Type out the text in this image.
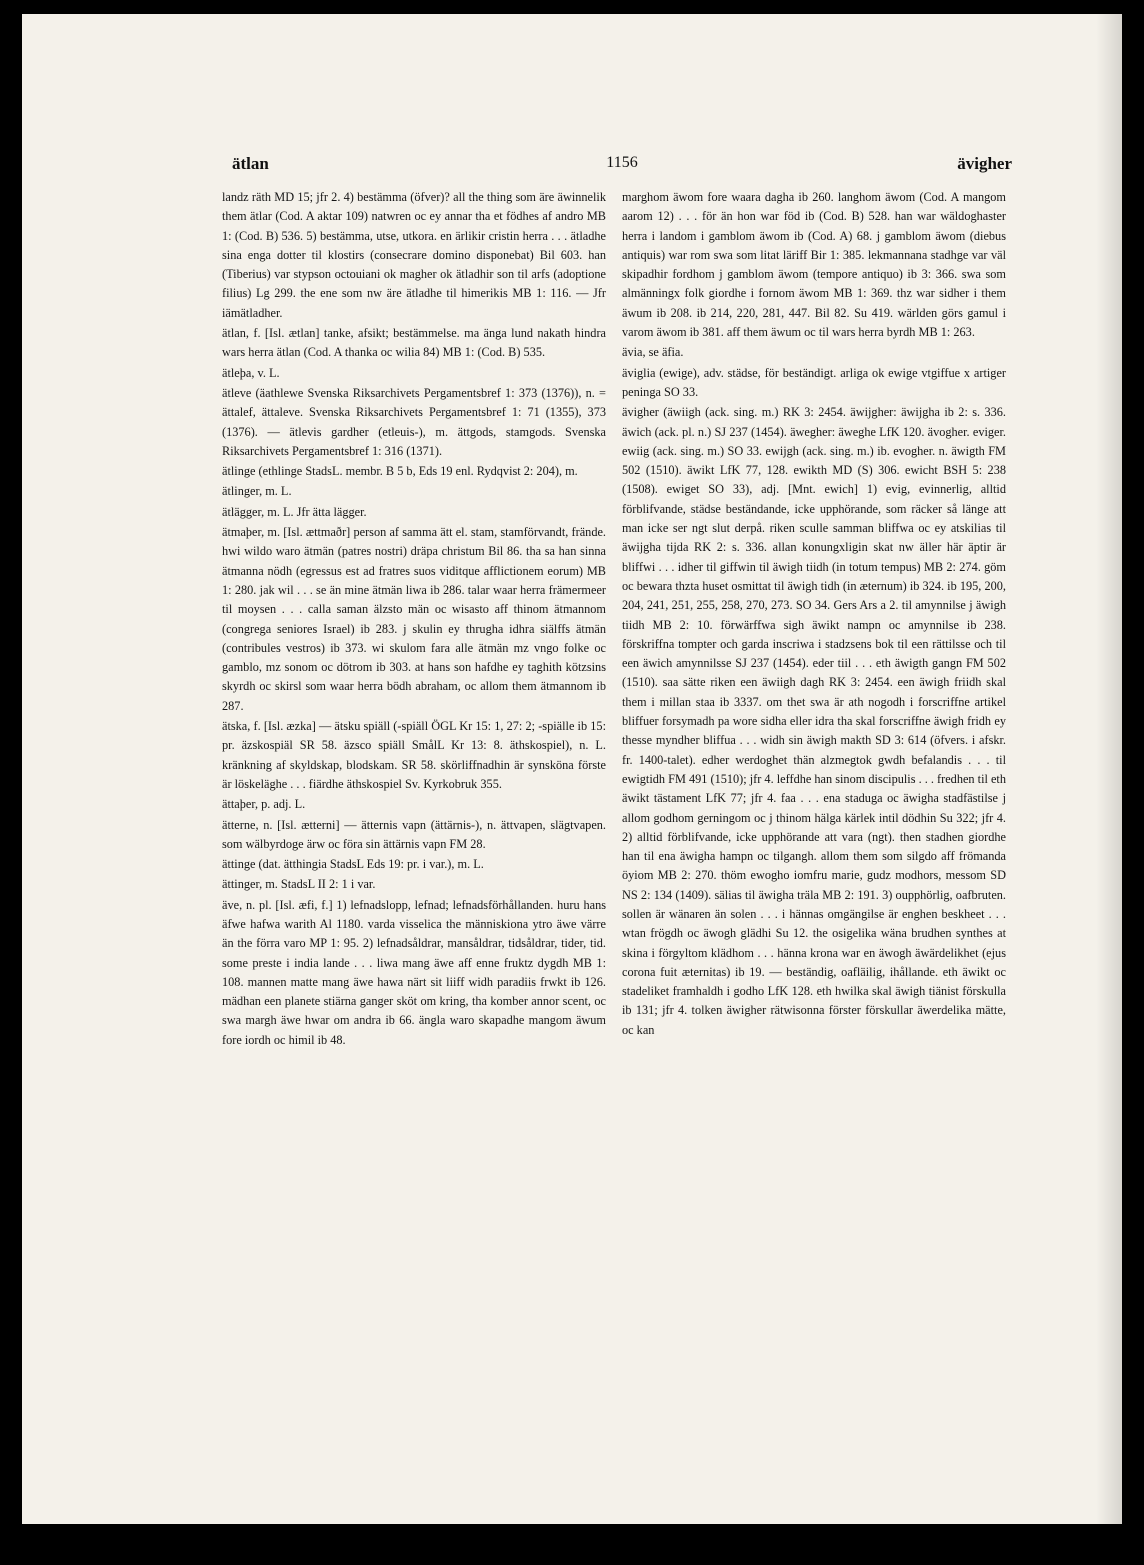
ätlan	1156	ävigher

landz räth MD 15; jfr 2. 4) bestämma (öfver)? all the thing som äre äwinnelik them ätlar (Cod. A aktar 109) natwren oc ey annar tha et födhes af andro MB 1: (Cod. B) 536. 5) bestämma, utse, utkora. en ärlikir cristin herra . . . ätladhe sina enga dotter til klostirs (consecrare domino disponebat) Bil 603. han (Tiberius) var stypson octouiani ok magher ok ätladhir son til arfs (adoptione filius) Lg 299. the ene som nw äre ätladhe til himerikis MB 1: 116. — Jfr iämätladher.

ätlan, f. [Isl. ætlan] tanke, afsikt; bestämmelse. ma änga lund nakath hindra wars herra ätlan (Cod. A thanka oc wilia 84) MB 1: (Cod. B) 535.

ätleþa, v. L.

ätleve (äathlewe Svenska Riksarchivets Pergamentsbref 1: 373 (1376)), n. = ättalef, ättaleve. Svenska Riksarchivets Pergamentsbref 1: 71 (1355), 373 (1376). — ätlevis gardher (etleuis-), m. ättgods, stamgods. Svenska Riksarchivets Pergamentsbref 1: 316 (1371).

ätlinge (ethlinge StadsL. membr. B 5 b, Eds 19 enl. Rydqvist 2: 204), m.

ätlinger, m. L.

ätlägger, m. L. Jfr ätta lägger.

ätmaþer, m. [Isl. ættmaðr] person af samma ätt el. stam, stamförvandt, frände. hwi wildo waro ätmän (patres nostri) dräpa christum Bil 86. tha sa han sinna ätmanna nödh (egressus est ad fratres suos viditque afflictionem eorum) MB 1: 280. jak wil . . . se än mine ätmän liwa ib 286. talar waar herra främermeer til moysen . . . calla saman älzsto män oc wisasto aff thinom ätmannom (congrega seniores Israel) ib 283. j skulin ey thrugha idhra siälffs ätmän (contribules vestros) ib 373. wi skulom fara alle ätmän mz vngo folke oc gamblo, mz sonom oc dötrom ib 303. at hans son hafdhe ey taghith kötzsins skyrdh oc skirsl som waar herra bödh abraham, oc allom them ätmannom ib 287.

ätska, f. [Isl. æzka] — ätsku spiäll (-spiäll ÖGL Kr 15: 1, 27: 2; -spiälle ib 15: pr. äzskospiäl SR 58. äzsco spiäll SmålL Kr 13: 8. äthskospiel), n. L. kränkning af skyldskap, blodskam. SR 58. skörliffnadhin är synsköna förste är löskeläghe . . . fiärdhe äthskospiel Sv. Kyrkobruk 355.

ättaþer, p. adj. L.

ätterne, n. [Isl. ætterni] — ätternis vapn (ättärnis-), n. ättvapen, slägtvapen. som wälbyrdoge ärw oc föra sin ättärnis vapn FM 28.

ättinge (dat. ätthingia StadsL Eds 19: pr. i var.), m. L.

ättinger, m. StadsL II 2: 1 i var.

äve, n. pl. [Isl. æfi, f.] 1) lefnadslopp, lefnad; lefnadsförhållanden. huru hans äfwe hafwa warith Al 1180. varda visselica the människiona ytro äwe värre än the förra varo MP 1: 95. 2) lefnadsåldrar, mansåldrar, tidsåldrar, tider, tid. some preste i india lande . . . liwa mang äwe aff enne fruktz dygdh MB 1: 108. mannen matte mang äwe hawa närt sit liiff widh paradiis frwkt ib 126. mädhan een planete stiärna ganger sköt om kring, tha komber annor scent, oc swa margh äwe hwar om andra ib 66. ängla waro skapadhe mangom äwum fore iordh oc himil ib 48.

marghom äwom fore waara dagha ib 260. langhom äwom (Cod. A mangom aarom 12) . . . för än hon war föd ib (Cod. B) 528. han war wäldoghaster herra i landom i gamblom äwom ib (Cod. A) 68. j gamblom äwom (diebus antiquis) war rom swa som litat läriff Bir 1: 385. lekmannana stadhge var väl skipadhir fordhom j gamblom äwom (tempore antiquo) ib 3: 366. swa som almänningx folk giordhe i fornom äwom MB 1: 369. thz war sidher i them äwum ib 208. ib 214, 220, 281, 447. Bil 82. Su 419. wärlden görs gamul i varom äwom ib 381. aff them äwum oc til wars herra byrdh MB 1: 263.

ävia, se äfia.

äviglia (ewige), adv. städse, för beständigt. arliga ok ewige vtgiffue x artiger peninga SO 33.

ävigher (äwiigh (ack. sing. m.) RK 3: 2454. äwijgher: äwijgha ib 2: s. 336. äwich (ack. pl. n.) SJ 237 (1454). äwegher: äweghe LfK 120. ävogher. eviger. ewiig (ack. sing. m.) SO 33. ewijgh (ack. sing. m.) ib. evogher. n. äwigth FM 502 (1510). äwikt LfK 77, 128. ewikth MD (S) 306. ewicht BSH 5: 238 (1508). ewiget SO 33), adj. [Mnt. ewich] 1) evig, evinnerlig, alltid förblifvande, städse beständande, icke upphörande, som räcker så länge att man icke ser ngt slut derpå. riken sculle samman bliffwa oc ey atskilias til äwijgha tijda RK 2: s. 336. allan konungxligin skat nw äller här äptir är bliffwi . . . idher til giffwin til äwigh tiidh (in totum tempus) MB 2: 274. göm oc bewara thzta huset osmittat til äwigh tidh (in æternum) ib 324. ib 195, 200, 204, 241, 251, 255, 258, 270, 273. SO 34. Gers Ars a 2. til amynnilse j äwigh tiidh MB 2: 10. förwärffwa sigh äwikt nampn oc amynnilse ib 238. förskriffna tompter och garda inscriwa i stadzsens bok til een rättilsse och til een äwich amynnilsse SJ 237 (1454). eder tiil . . . eth äwigth gangn FM 502 (1510). saa sätte riken een äwiigh dagh RK 3: 2454. een äwigh friidh skal them i millan staa ib 3337. om thet swa är ath nogodh i forscriffne artikel bliffuer forsymadh pa wore sidha eller idra tha skal forscriffne äwigh fridh ey thesse myndher bliffua . . . widh sin äwigh makth SD 3: 614 (öfvers. i afskr. fr. 1400-talet). edher werdoghet thän alzmegtok gwdh befalandis . . . til ewigtidh FM 491 (1510); jfr 4. leffdhe han sinom discipulis . . . fredhen til eth äwikt tästament LfK 77; jfr 4. faa . . . ena staduga oc äwigha stadfästilse j allom godhom gerningom oc j thinom hälga kärlek intil dödhin Su 322; jfr 4. 2) alltid förblifvande, icke upphörande att vara (ngt). then stadhen giordhe han til ena äwigha hampn oc tilgangh. allom them som silgdo aff frömanda öyiom MB 2: 270. thöm ewogho iomfru marie, gudz modhors, messom SD NS 2: 134 (1409). sälias til äwigha träla MB 2: 191. 3) oupphörlig, oafbruten. sollen är wänaren än solen . . . i hännas omgängilse är enghen beskheet . . . wtan frögdh oc äwogh glädhi Su 12. the osigelika wäna brudhen synthes at skina i förgyltom klädhom . . . hänna krona war en äwogh äwärdelikhet (ejus corona fuit æternitas) ib 19. — beständig, oafläilig, ihållande. eth äwikt oc stadeliket framhaldh i godho LfK 128. eth hwilka skal äwigh tiänist förskulla ib 131; jfr 4. tolken äwigher rätwisonna förster förskullar äwerdelika mätte, oc kan
